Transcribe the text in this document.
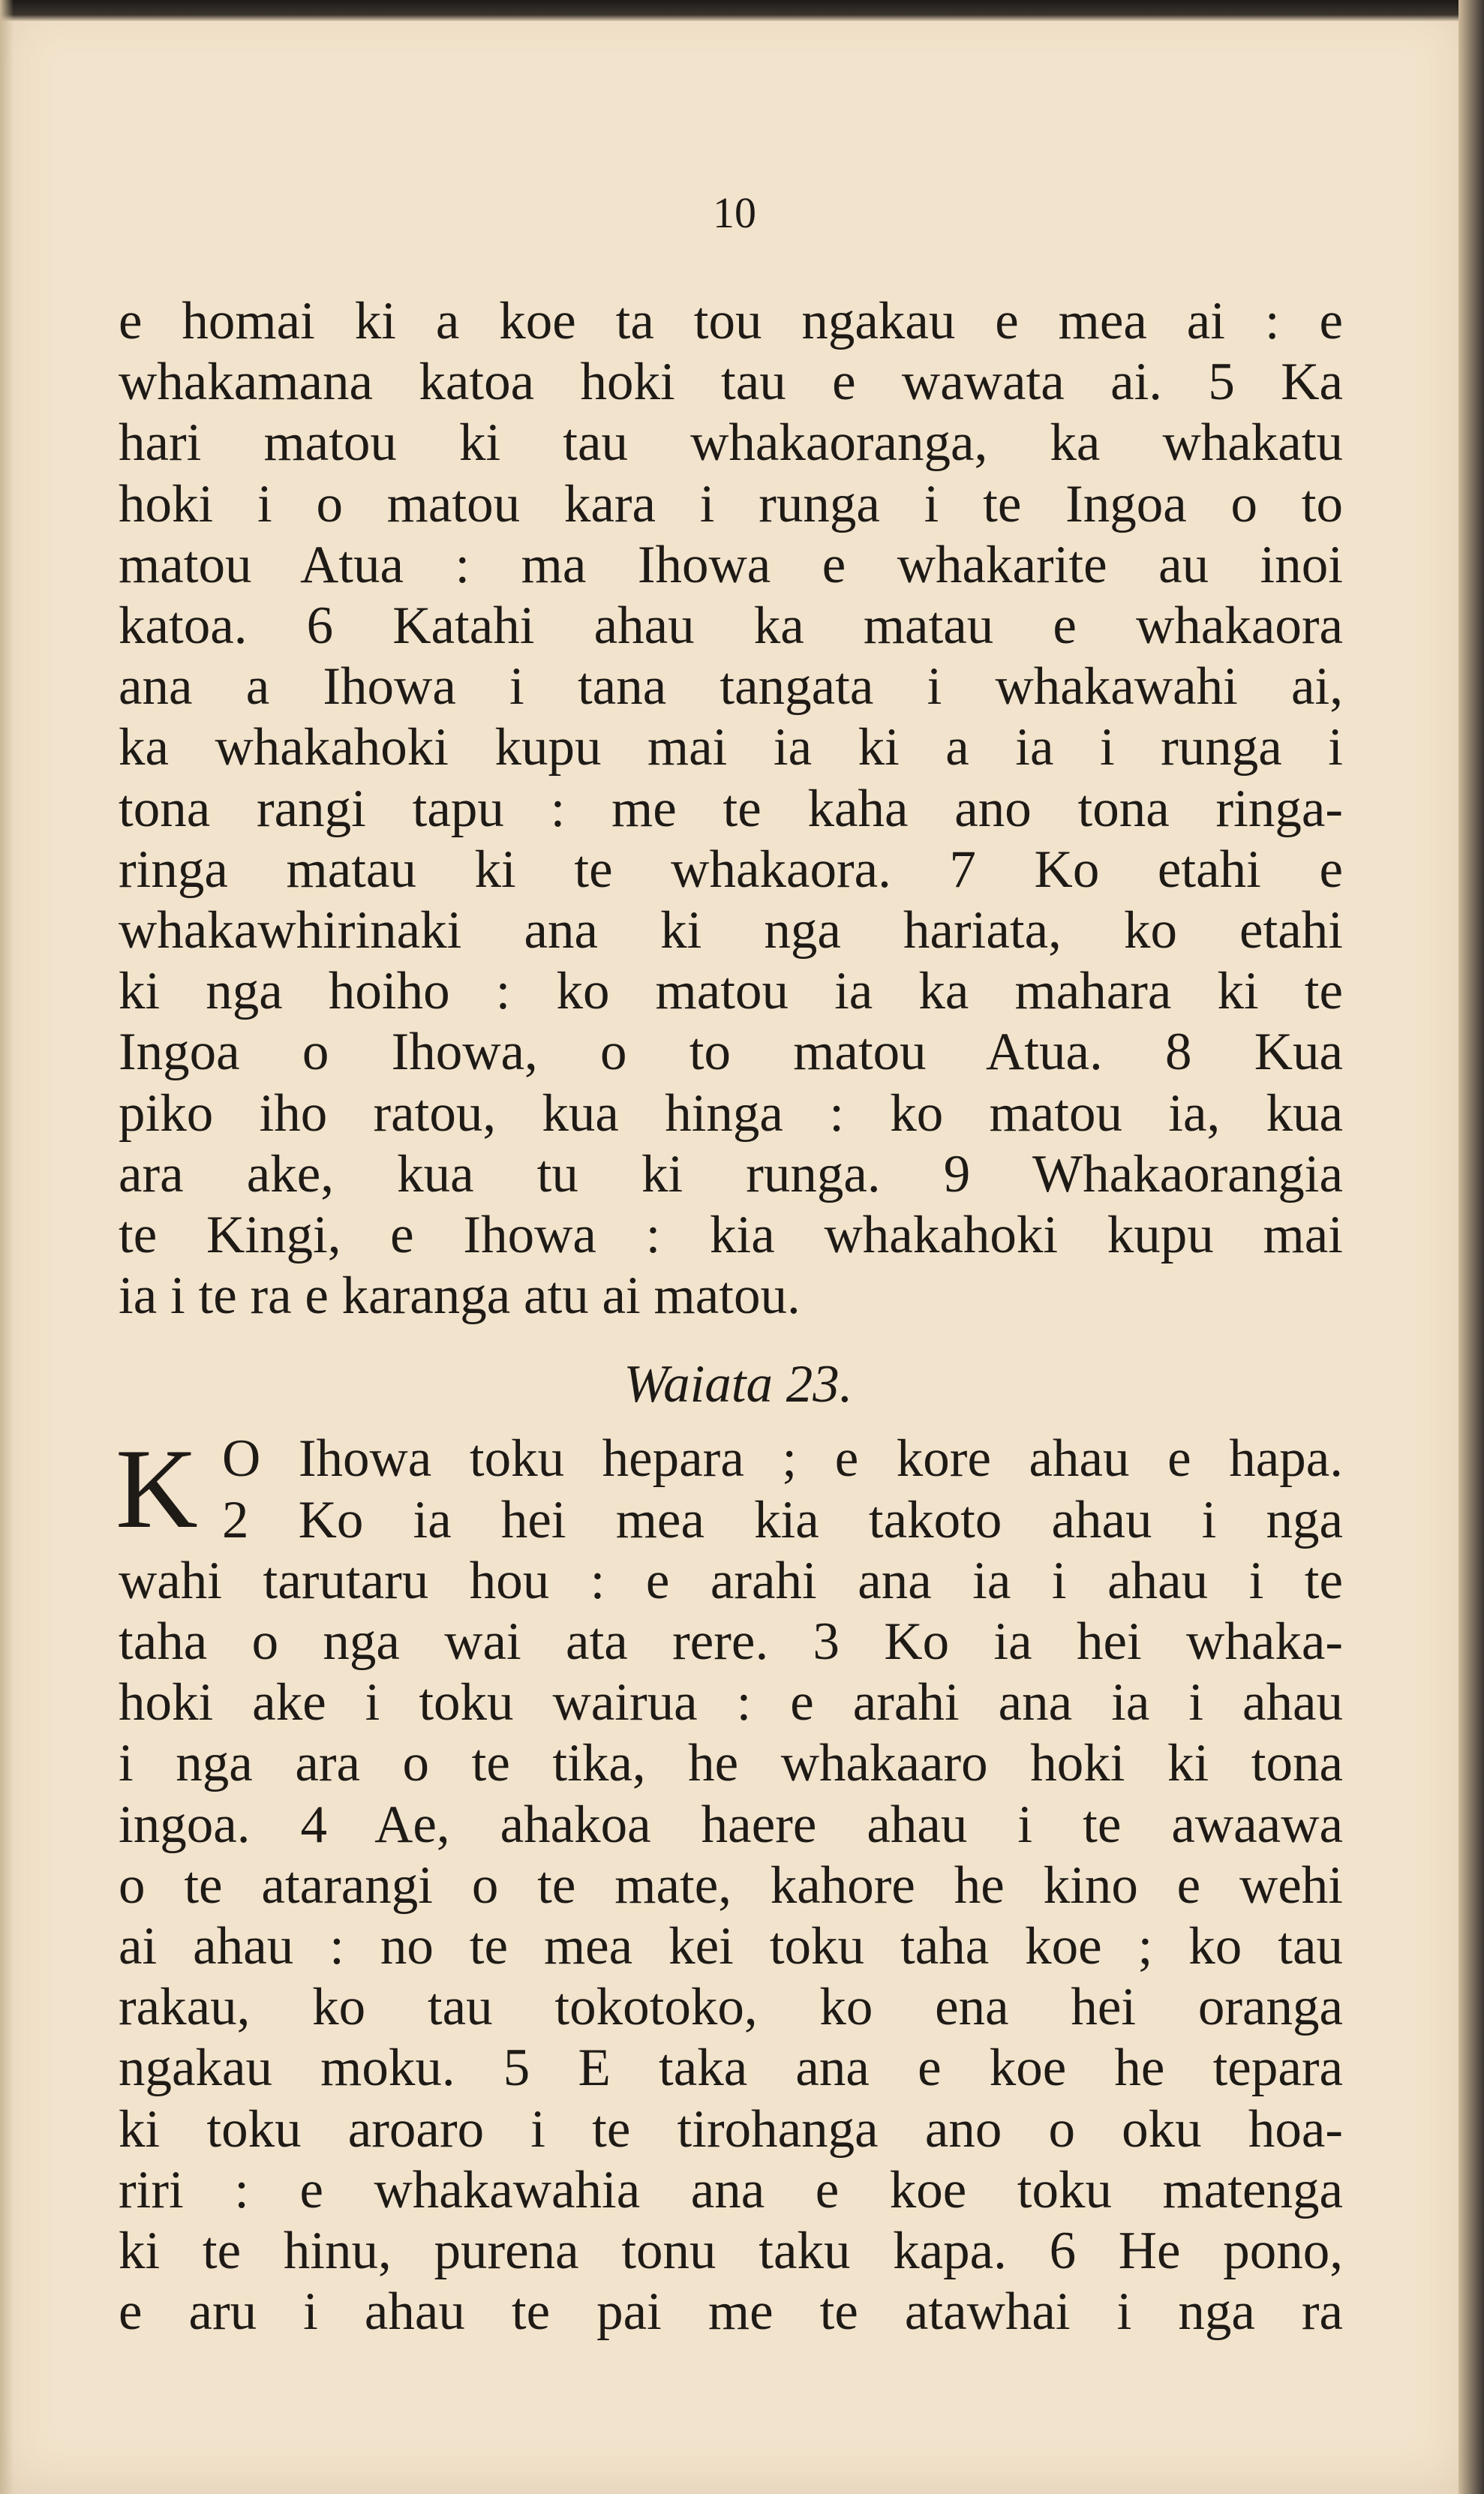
10
e homai ki a koe ta tou ngakau e mea ai : e
whakamana katoa hoki tau e wawata ai. 5 Ka
hari matou ki tau whakaoranga, ka whakatu
hoki i o matou kara i runga i te Ingoa o to
matou Atua : ma Ihowa e whakarite au inoi
katoa. 6 Katahi ahau ka matau e whakaora
ana a Ihowa i tana tangata i whakawahi ai,
ka whakahoki kupu mai ia ki a ia i runga i
tona rangi tapu : me te kaha ano tona ringa-
ringa matau ki te whakaora. 7 Ko etahi e
whakawhirinaki ana ki nga hariata, ko etahi
ki nga hoiho : ko matou ia ka mahara ki te
Ingoa o Ihowa, o to matou Atua. 8 Kua
piko iho ratou, kua hinga : ko matou ia, kua
ara ake, kua tu ki runga. 9 Whakaorangia
te Kingi, e Ihowa : kia whakahoki kupu mai
ia i te ra e karanga atu ai matou.
Waiata 23.
K O Ihowa toku hepara ; e kore ahau e hapa.
2 Ko ia hei mea kia takoto ahau i nga
wahi tarutaru hou : e arahi ana ia i ahau i te
taha o nga wai ata rere. 3 Ko ia hei whaka-
hoki ake i toku wairua : e arahi ana ia i ahau
i nga ara o te tika, he whakaaro hoki ki tona
ingoa. 4 Ae, ahakoa haere ahau i te awaawa
o te atarangi o te mate, kahore he kino e wehi
ai ahau : no te mea kei toku taha koe ; ko tau
rakau, ko tau tokotoko, ko ena hei oranga
ngakau moku. 5 E taka ana e koe he tepara
ki toku aroaro i te tirohanga ano o oku hoa-
riri : e whakawahia ana e koe toku matenga
ki te hinu, purena tonu taku kapa. 6 He pono,
e aru i ahau te pai me te atawhai i nga ra
